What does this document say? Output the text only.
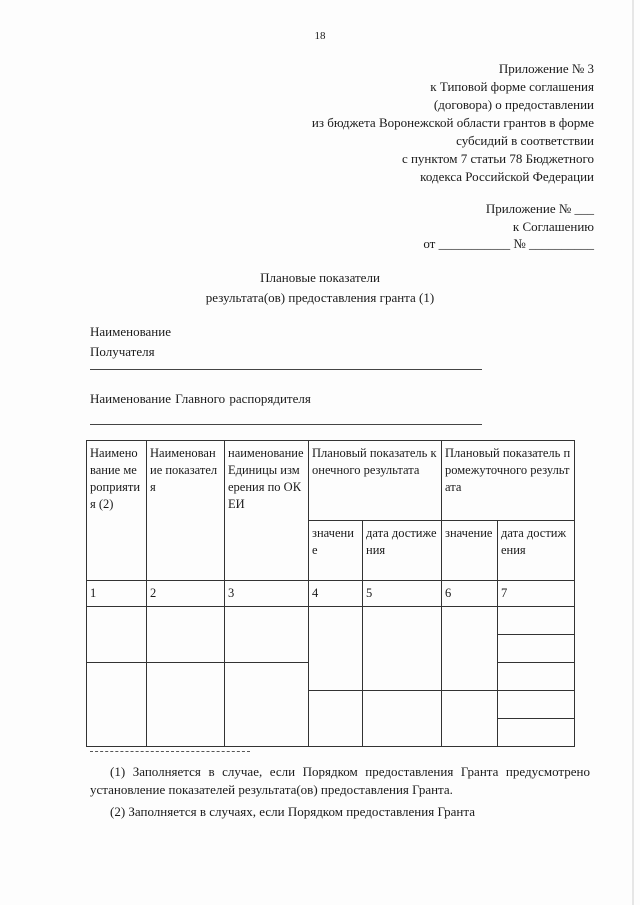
18
Приложение № 3
к Типовой форме соглашения
(договора) о предоставлении
из бюджета Воронежской области грантов в форме
субсидий в соответствии
с пунктом 7 статьи 78 Бюджетного
кодекса Российской Федерации
Приложение № ___
к Соглашению
от ___________ № __________
Плановые показатели
результата(ов) предоставления гранта (1)
Наименование
Получателя
Наименование Главного распорядителя
Наименование мероприятия (2)	Наименование показателя	наименование Единицы измерения по ОКЕИ	Плановый показатель конечного результата		Плановый показатель промежуточного результата	
			значение	дата достижения	значение	дата достижения
1	2	3	4	5	6	7

(1) Заполняется в случае, если Порядком предоставления Гранта предусмотрено установление показателей результата(ов) предоставления Гранта.

(2) Заполняется в случаях, если Порядком предоставления Гранта
